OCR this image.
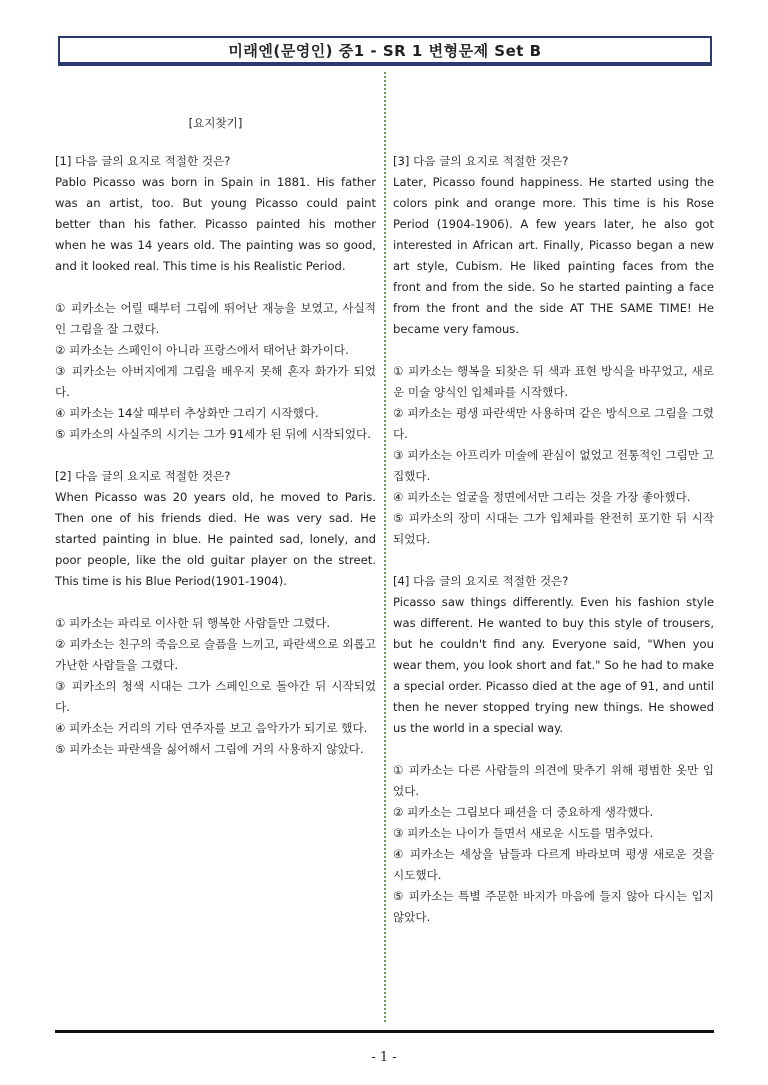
미래엔(문영인) 중1 - SR 1 변형문제 Set B
[요지찾기]
[1] 다음 글의 요지로 적절한 것은?
Pablo Picasso was born in Spain in 1881. His father was an artist, too. But young Picasso could paint better than his father. Picasso painted his mother when he was 14 years old. The painting was so good, and it looked real. This time is his Realistic Period.
① 피카소는 어릴 때부터 그림에 뛰어난 재능을 보였고, 사실적인 그림을 잘 그렸다.
② 피카소는 스페인이 아니라 프랑스에서 태어난 화가이다.
③ 피카소는 아버지에게 그림을 배우지 못해 혼자 화가가 되었다.
④ 피카소는 14살 때부터 추상화만 그리기 시작했다.
⑤ 피카소의 사실주의 시기는 그가 91세가 된 뒤에 시작되었다.
[2] 다음 글의 요지로 적절한 것은?
When Picasso was 20 years old, he moved to Paris. Then one of his friends died. He was very sad. He started painting in blue. He painted sad, lonely, and poor people, like the old guitar player on the street. This time is his Blue Period(1901-1904).
① 피카소는 파리로 이사한 뒤 행복한 사람들만 그렸다.
② 피카소는 친구의 죽음으로 슬픔을 느끼고, 파란색으로 외롭고 가난한 사람들을 그렸다.
③ 피카소의 청색 시대는 그가 스페인으로 돌아간 뒤 시작되었다.
④ 피카소는 거리의 기타 연주자를 보고 음악가가 되기로 했다.
⑤ 피카소는 파란색을 싫어해서 그림에 거의 사용하지 않았다.
[3] 다음 글의 요지로 적절한 것은?
Later, Picasso found happiness. He started using the colors pink and orange more. This time is his Rose Period (1904-1906). A few years later, he also got interested in African art. Finally, Picasso began a new art style, Cubism. He liked painting faces from the front and from the side. So he started painting a face from the front and the side AT THE SAME TIME! He became very famous.
① 피카소는 행복을 되찾은 뒤 색과 표현 방식을 바꾸었고, 새로운 미술 양식인 입체파를 시작했다.
② 피카소는 평생 파란색만 사용하며 같은 방식으로 그림을 그렸다.
③ 피카소는 아프리카 미술에 관심이 없었고 전통적인 그림만 고집했다.
④ 피카소는 얼굴을 정면에서만 그리는 것을 가장 좋아했다.
⑤ 피카소의 장미 시대는 그가 입체파를 완전히 포기한 뒤 시작되었다.
[4] 다음 글의 요지로 적절한 것은?
Picasso saw things differently. Even his fashion style was different. He wanted to buy this style of trousers, but he couldn't find any. Everyone said, "When you wear them, you look short and fat." So he had to make a special order. Picasso died at the age of 91, and until then he never stopped trying new things. He showed us the world in a special way.
① 피카소는 다른 사람들의 의견에 맞추기 위해 평범한 옷만 입었다.
② 피카소는 그림보다 패션을 더 중요하게 생각했다.
③ 피카소는 나이가 들면서 새로운 시도를 멈추었다.
④ 피카소는 세상을 남들과 다르게 바라보며 평생 새로운 것을 시도했다.
⑤ 피카소는 특별 주문한 바지가 마음에 들지 않아 다시는 입지 않았다.
- 1 -
